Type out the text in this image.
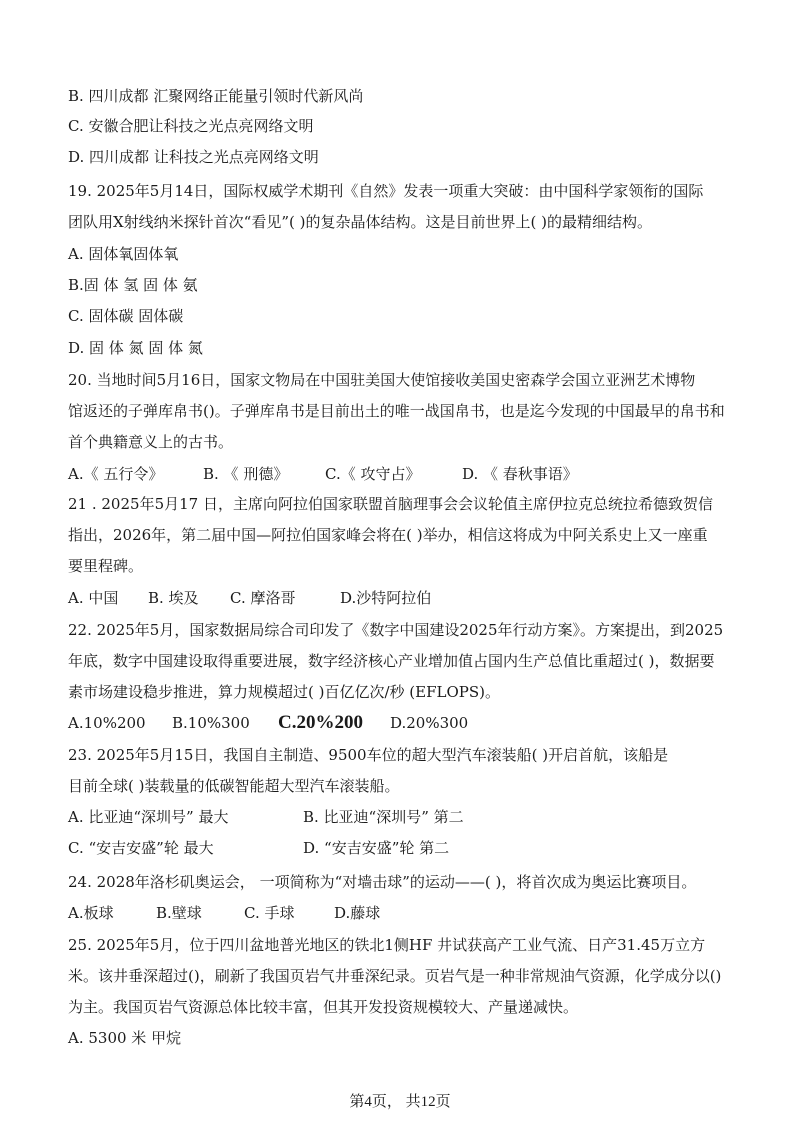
B. 四川成都 汇聚网络正能量引领时代新风尚
C. 安徽合肥让科技之光点亮网络文明
D. 四川成都 让科技之光点亮网络文明
19. 2025年5月14日，国际权威学术期刊《自然》发表一项重大突破：由中国科学家领衔的国际
团队用X射线纳米探针首次“看见”( )的复杂晶体结构。这是目前世界上( )的最精细结构。
A. 固体氧固体氧
B.固 体 氢 固 体 氨
C. 固体碳 固体碳
D. 固 体 氮 固 体 氮
20. 当地时间5月16日，国家文物局在中国驻美国大使馆接收美国史密森学会国立亚洲艺术博物
馆返还的子弹库帛书()。子弹库帛书是目前出土的唯一战国帛书，也是迄今发现的中国最早的帛书和
首个典籍意义上的古书。
A.《 五行令》	B. 《 刑德》 C.《 攻守占》	D. 《 春秋事语》
21 . 2025年5月17 日，主席向阿拉伯国家联盟首脑理事会会议轮值主席伊拉克总统拉希德致贺信
指出，2026年，第二届中国—阿拉伯国家峰会将在( )举办，相信这将成为中阿关系史上又一座重
要里程碑。
A. 中国 B. 埃及 C. 摩洛哥	D.沙特阿拉伯
22. 2025年5月，国家数据局综合司印发了《数字中国建设2025年行动方案》。方案提出，到2025
年底，数字中国建设取得重要进展，数字经济核心产业增加值占国内生产总值比重超过( )，数据要
素市场建设稳步推进，算力规模超过( )百亿亿次/秒 (EFLOPS)。
A.10%200 B.10%300 C.20%200 D.20%300
23. 2025年5月15日，我国自主制造、9500车位的超大型汽车滚装船( )开启首航，该船是
目前全球( )装载量的低碳智能超大型汽车滚装船。
A. 比亚迪“深圳号” 最大	B. 比亚迪“深圳号” 第二
C. “安吉安盛”轮 最大	D. “安吉安盛”轮 第二
24. 2028年洛杉矶奥运会， 一项简称为“对墙击球”的运动——( )，将首次成为奥运比赛项目。
A.板球	B.壁球	C. 手球	D.藤球
25. 2025年5月，位于四川盆地普光地区的铁北1侧HF 井试获高产工业气流、日产31.45万立方
米。该井垂深超过()，刷新了我国页岩气井垂深纪录。页岩气是一种非常规油气资源，化学成分以()
为主。我国页岩气资源总体比较丰富，但其开发投资规模较大、产量递减快。
A. 5300 米 甲烷
第4页， 共12页
